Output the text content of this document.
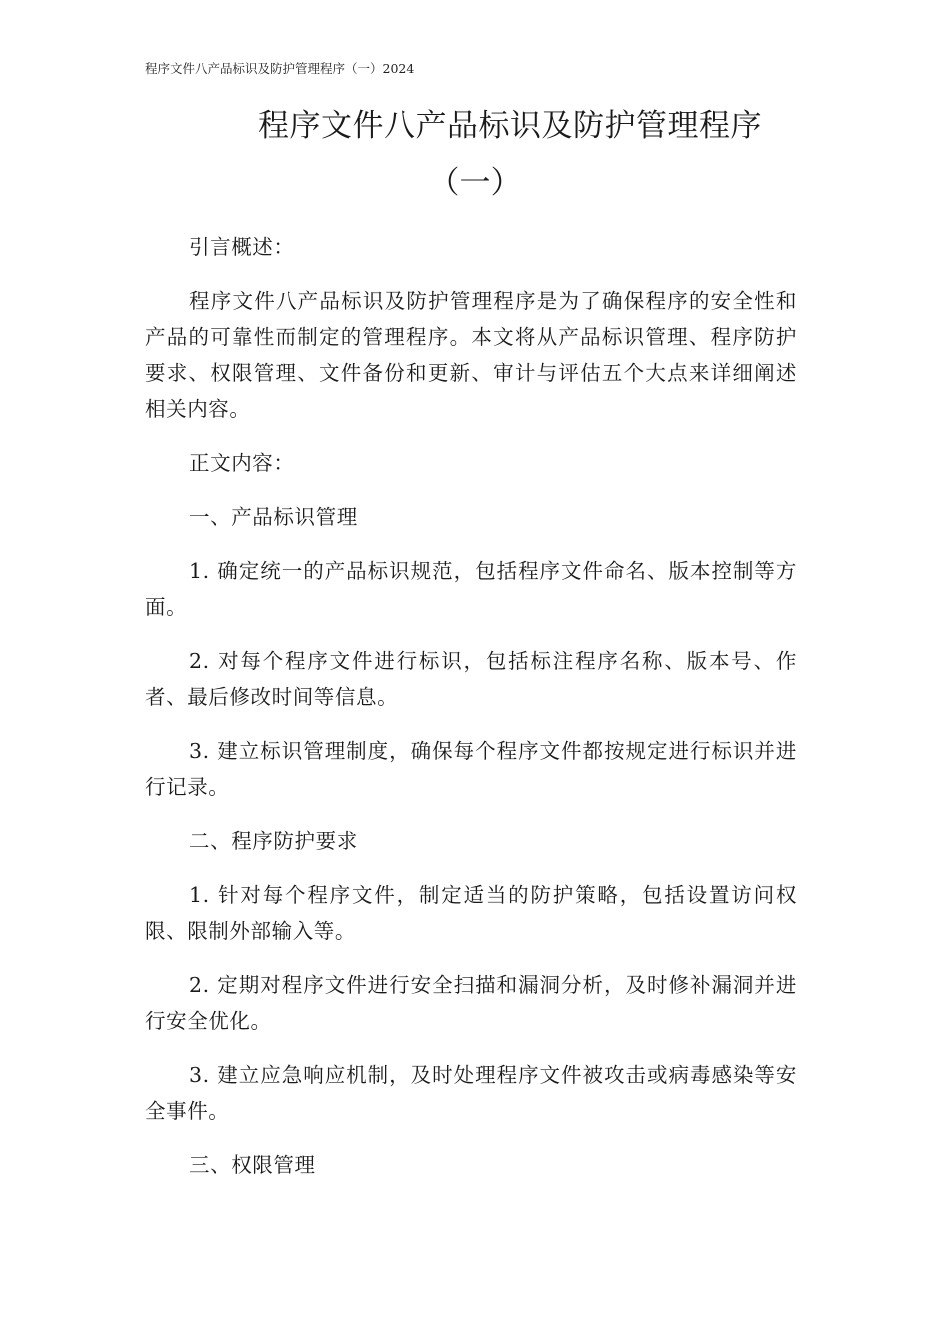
程序文件八产品标识及防护管理程序（一）2024
程序文件八产品标识及防护管理程序
（一）

引言概述：

程序文件八产品标识及防护管理程序是为了确保程序的安全性和产品的可靠性而制定的管理程序。本文将从产品标识管理、程序防护要求、权限管理、文件备份和更新、审计与评估五个大点来详细阐述相关内容。

正文内容：

一、产品标识管理

1. 确定统一的产品标识规范，包括程序文件命名、版本控制等方面。

2. 对每个程序文件进行标识，包括标注程序名称、版本号、作者、最后修改时间等信息。

3. 建立标识管理制度，确保每个程序文件都按规定进行标识并进行记录。

二、程序防护要求

1. 针对每个程序文件，制定适当的防护策略，包括设置访问权限、限制外部输入等。

2. 定期对程序文件进行安全扫描和漏洞分析，及时修补漏洞并进行安全优化。

3. 建立应急响应机制，及时处理程序文件被攻击或病毒感染等安全事件。

三、权限管理
